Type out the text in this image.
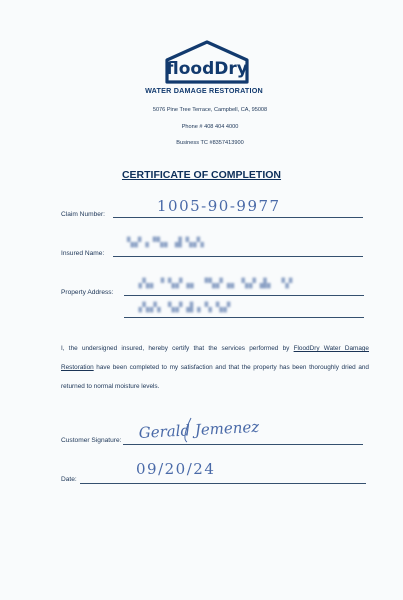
floodDry
WATER DAMAGE RESTORATION
5076 Pine Tree Terrace, Campbell, CA, 95008
Phone # 408 404 4000
Business TC #8357413900
CERTIFICATE OF COMPLETION
Claim Number:	1005-90-9977
Insured Name:
▚▞▗▝▚▖ ▟ ▚▞▖
Property Address:
▗▚▖▝ ▚▞▗▖ ▝▚▞▗▖ ▚▞ ▟▖ ▝▞
▗▚▞▖ ▚▞ ▟▗▝▖▚▞
I, the undersigned insured, hereby certify that the services performed by FloodDry Water Damage Restoration have been completed to my satisfaction and that the property has been thoroughly dried and returned to normal moisture levels.
Customer Signature: Gerald Jemenez
Date:
09/20/24
